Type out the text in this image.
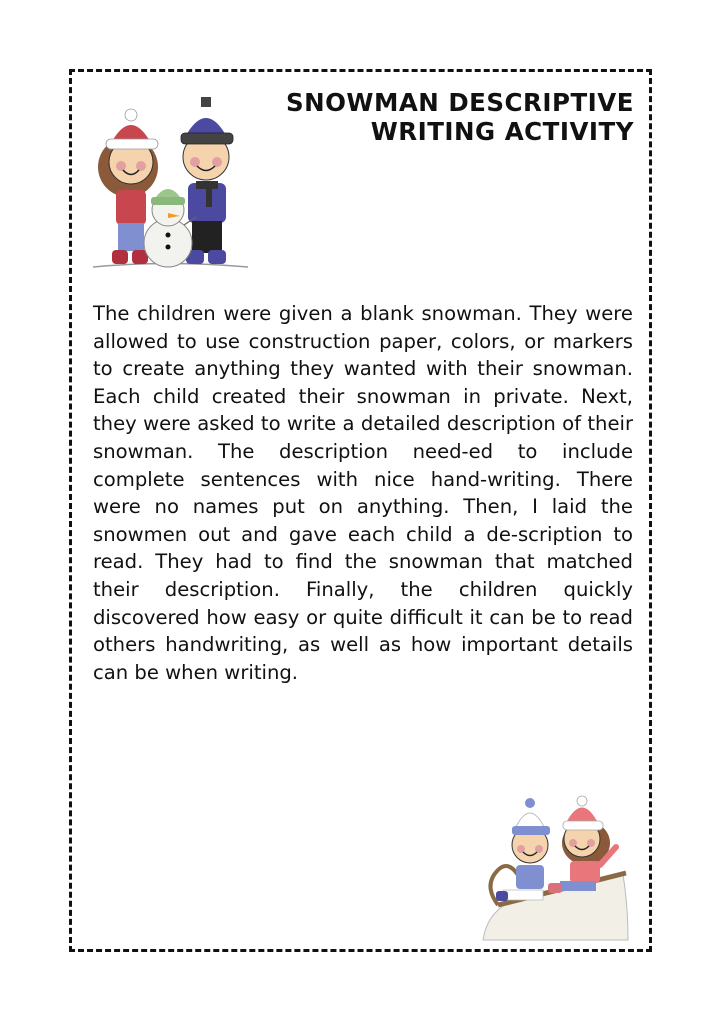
SNOWMAN DESCRIPTIVE
WRITING ACTIVITY

The children were given a blank snowman. They were allowed to use construction paper, colors, or markers to create anything they wanted with their snowman. Each child created their snowman in private. Next, they were asked to write a detailed description of their snowman. The description need-ed to include complete sentences with nice hand-writing. There were no names put on anything. Then, I laid the snowmen out and gave each child a de-scription to read. They had to find the snowman that matched their description. Finally, the children quickly discovered how easy or quite difficult it can be to read others handwriting, as well as how important details can be when writing.
